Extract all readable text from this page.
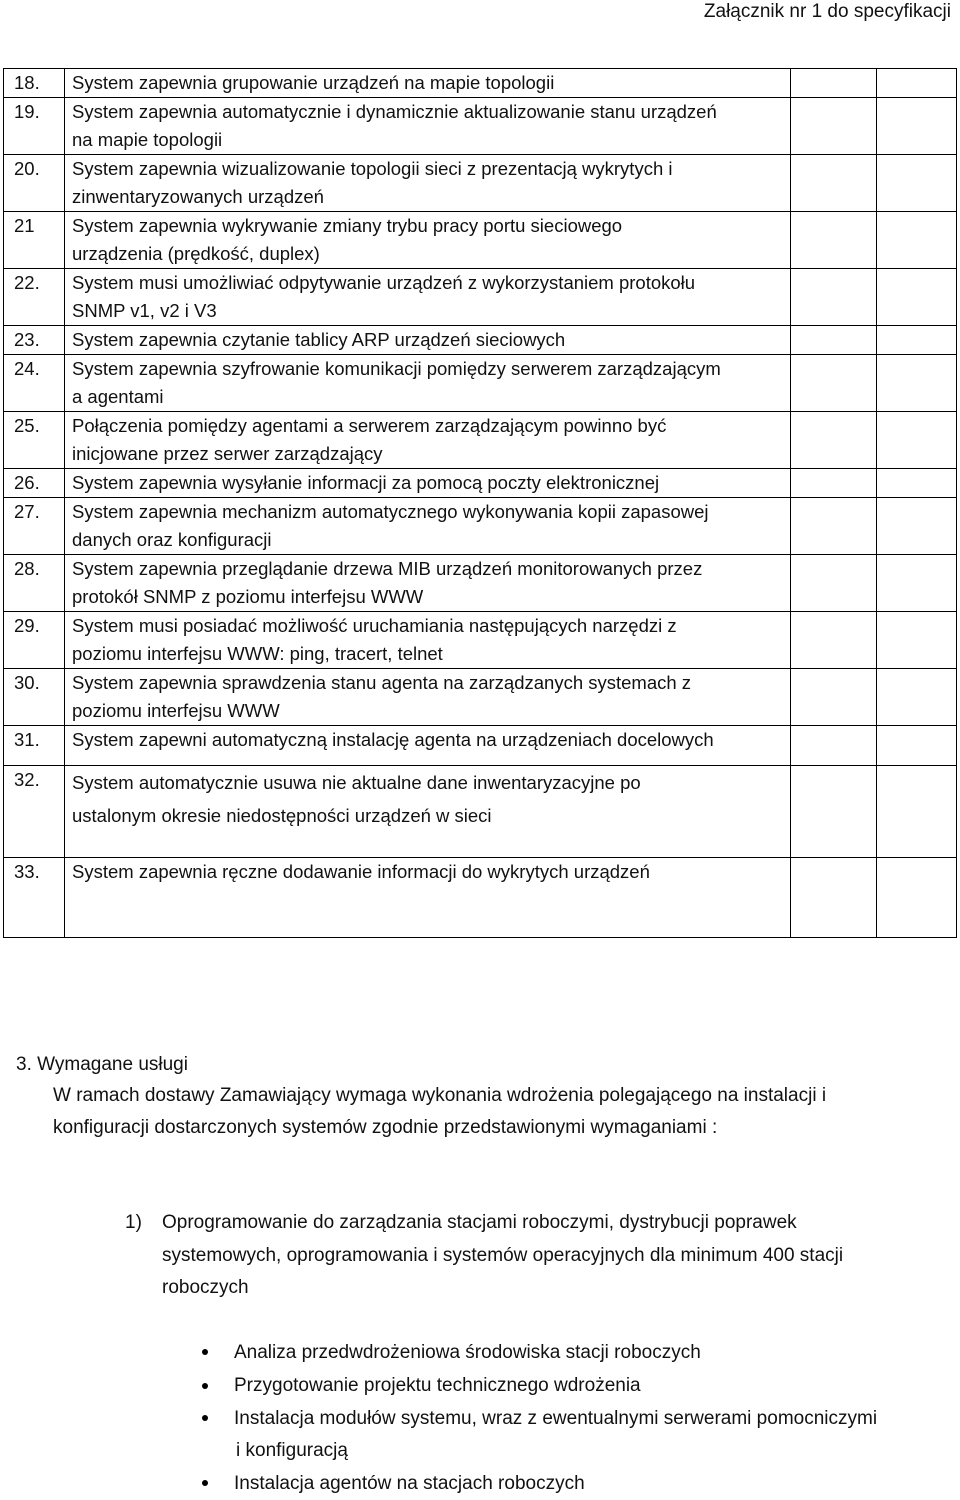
Załącznik nr 1 do specyfikacji
18.	System zapewnia grupowanie urządzeń na mapie topologii		

19.	System zapewnia automatycznie i dynamicznie aktualizowanie stanu urządzeń
na mapie topologii		

20.	System zapewnia wizualizowanie topologii sieci z prezentacją wykrytych i
zinwentaryzowanych urządzeń		

21	System zapewnia wykrywanie zmiany trybu pracy portu sieciowego
urządzenia (prędkość, duplex)		

22.	System musi umożliwiać odpytywanie urządzeń z wykorzystaniem protokołu
SNMP v1, v2 i V3		

23.	System zapewnia czytanie tablicy ARP urządzeń sieciowych		

24.	System zapewnia szyfrowanie komunikacji pomiędzy serwerem zarządzającym
a agentami		

25.	Połączenia pomiędzy agentami a serwerem zarządzającym powinno być
inicjowane przez serwer zarządzający		

26.	System zapewnia wysyłanie informacji za pomocą poczty elektronicznej		

27.	System zapewnia mechanizm automatycznego wykonywania kopii zapasowej
danych oraz konfiguracji		

28.	System zapewnia przeglądanie drzewa MIB urządzeń monitorowanych przez
protokół SNMP z poziomu interfejsu WWW		

29.	System musi posiadać możliwość uruchamiania następujących narzędzi z
poziomu interfejsu WWW: ping, tracert, telnet		

30.	System zapewnia sprawdzenia stanu agenta na zarządzanych systemach z
poziomu interfejsu WWW		

31.	System zapewni automatyczną instalację agenta na urządzeniach docelowych		

32.	System automatycznie usuwa nie aktualne dane inwentaryzacyjne po
ustalonym okresie niedostępności urządzeń w sieci		

33.	System zapewnia ręczne dodawanie informacji do wykrytych urządzeń		

3. Wymagane usługi
W ramach dostawy Zamawiający wymaga wykonania wdrożenia polegającego na instalacji i
konfiguracji dostarczonych systemów zgodnie przedstawionymi wymaganiami :
1) Oprogramowanie do zarządzania stacjami roboczymi, dystrybucji poprawek
systemowych, oprogramowania i systemów operacyjnych dla minimum 400 stacji
roboczych
Analiza przedwdrożeniowa środowiska stacji roboczych
Przygotowanie projektu technicznego wdrożenia
Instalacja modułów systemu, wraz z ewentualnymi serwerami pomocniczymi
i konfiguracją
Instalacja agentów na stacjach roboczych
